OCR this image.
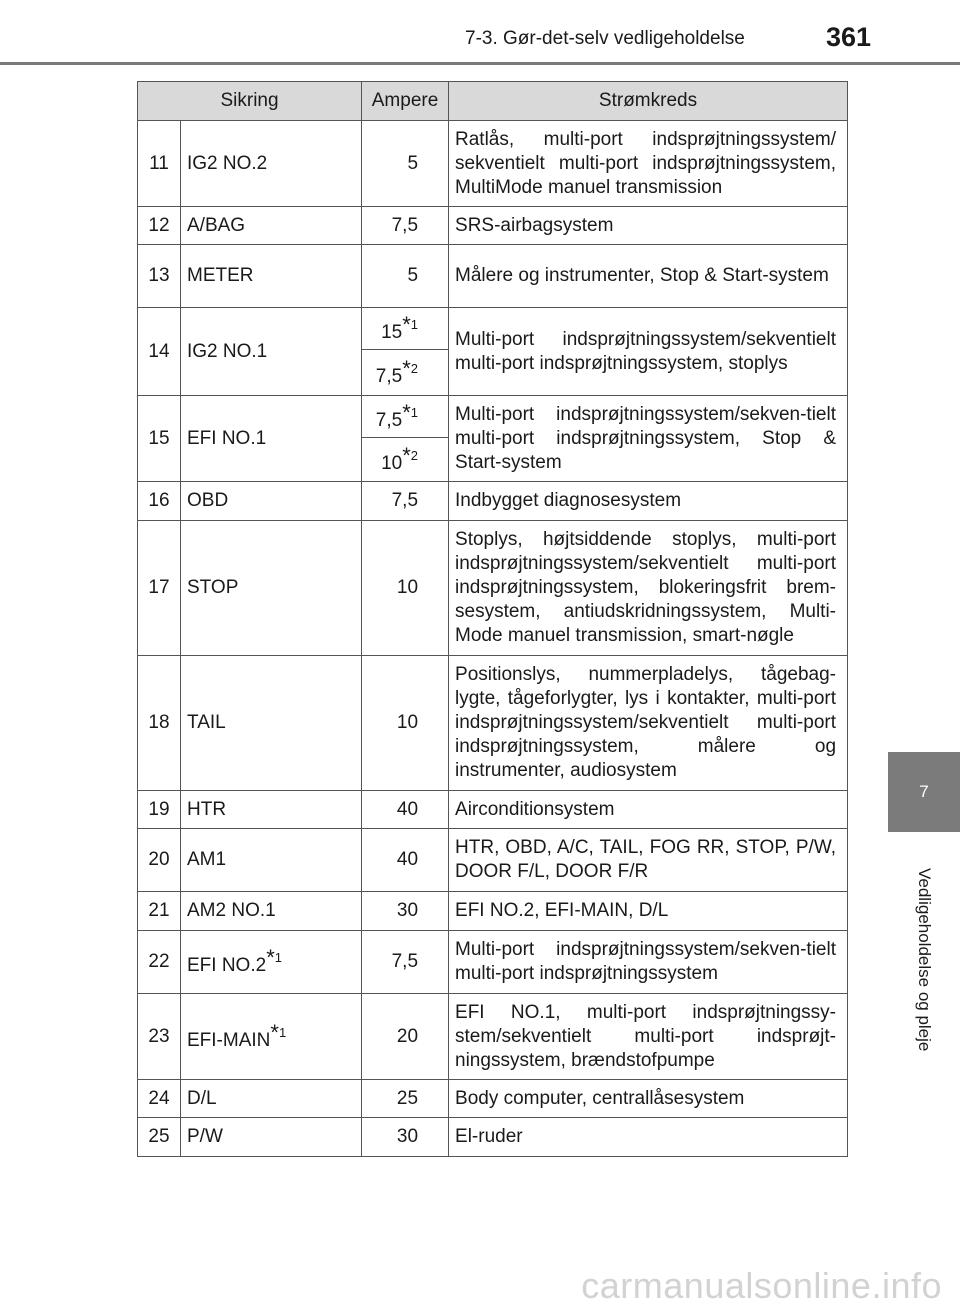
7-3. Gør-det-selv vedligeholdelse	361
7
Vedligeholdelse og pleje
Sikring		Ampere	Strømkreds
11	IG2 NO.2	5	Ratlås, multi-port indsprøjtningssystem/ sekventielt multi-port indsprøjtningssystem, MultiMode manuel transmission
12	A/BAG	7,5	SRS-airbagsystem
13	METER	5	Målere og instrumenter, Stop & Start-system
14	IG2 NO.1	15*$^1$	Multi-port indsprøjtningssystem/sekventielt multi-port indsprøjtningssystem, stoplys
		7,5*$^2$
15	EFI NO.1	7,5*$^1$	Multi-port indsprøjtningssystem/sekven-tielt multi-port indsprøjtningssystem, Stop & Start-system
		10*$^2$
16	OBD	7,5	Indbygget diagnosesystem
17	STOP	10	Stoplys, højtsiddende stoplys, multi-port indsprøjtningssystem/sekventielt multi-port indsprøjtningssystem, blokeringsfrit brem-sesystem, antiudskridningssystem, Multi-Mode manuel transmission, smart-nøgle
18	TAIL	10	Positionslys, nummerpladelys, tågebag-lygte, tågeforlygter, lys i kontakter, multi-port indsprøjtningssystem/sekventielt multi-port indsprøjtningssystem, målere og instrumenter, audiosystem
19	HTR	40	Airconditionsystem
20	AM1	40	HTR, OBD, A/C, TAIL, FOG RR, STOP, P/W, DOOR F/L, DOOR F/R
21	AM2 NO.1	30	EFI NO.2, EFI-MAIN, D/L
22	EFI NO.2*$^1$	7,5	Multi-port indsprøjtningssystem/sekven-tielt multi-port indsprøjtningssystem
23	EFI-MAIN*$^1$	20	EFI NO.1, multi-port indsprøjtningssy-stem/sekventielt multi-port indsprøjt-ningssystem, brændstofpumpe
24	D/L	25	Body computer, centrallåsesystem
25	P/W	30	El-ruder
carmanualsonline.info
